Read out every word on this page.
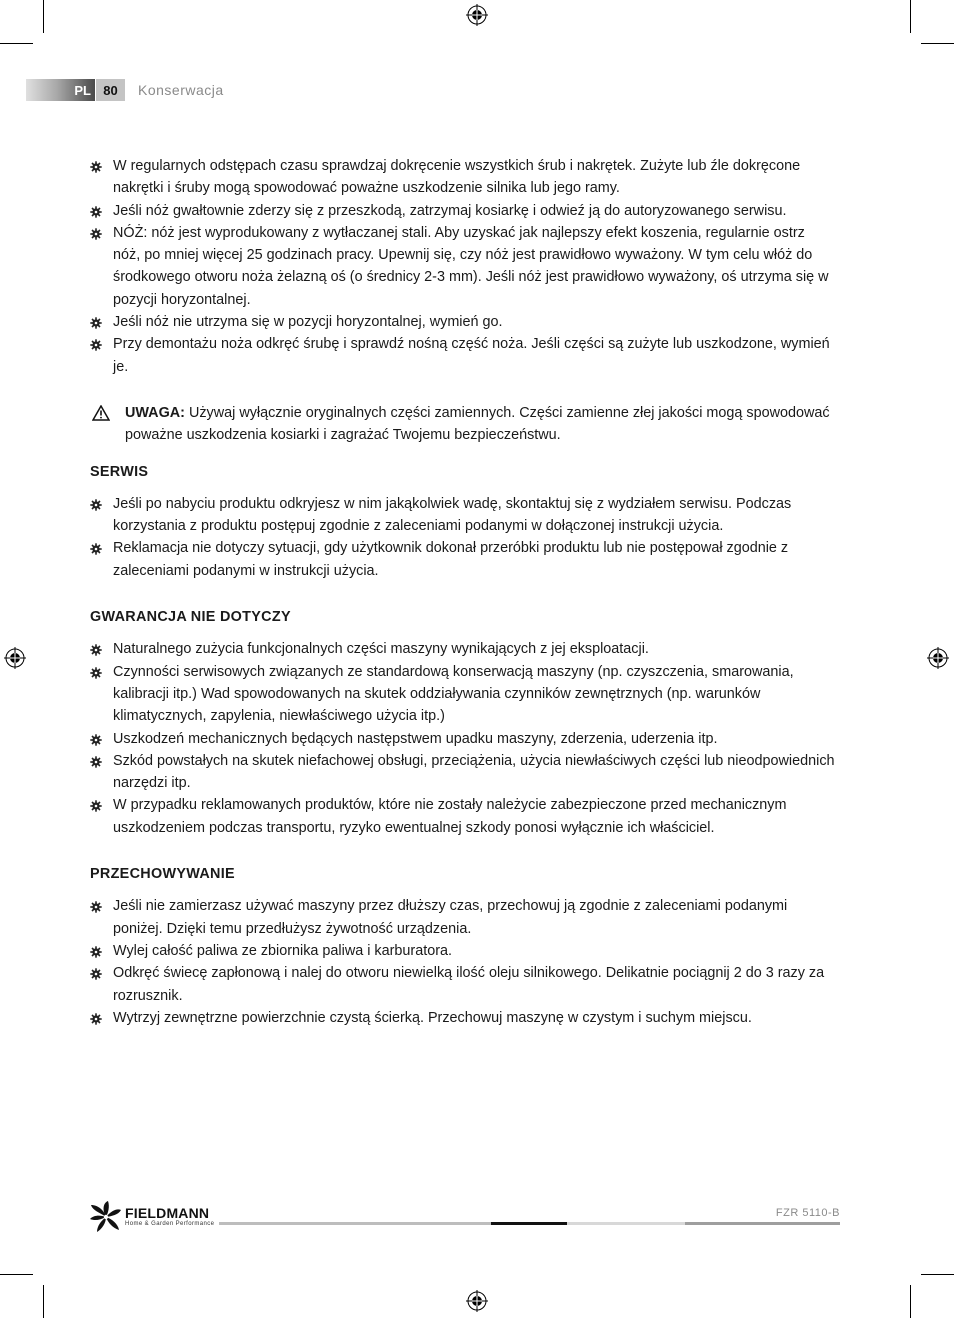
PL 80	Konserwacja
W regularnych odstępach czasu sprawdzaj dokręcenie wszystkich śrub i nakrętek. Zużyte lub źle dokręcone nakrętki i śruby mogą spowodować poważne uszkodzenie silnika lub jego ramy.
Jeśli nóż gwałtownie zderzy się z przeszkodą, zatrzymaj kosiarkę i odwieź ją do autoryzowanego serwisu.
NÓŻ: nóż jest wyprodukowany z wytłaczanej stali. Aby uzyskać jak najlepszy efekt koszenia, regularnie ostrz nóż, po mniej więcej 25 godzinach pracy. Upewnij się, czy nóż jest prawidłowo wyważony. W tym celu włóż do środkowego otworu noża żelazną oś (o średnicy 2-3 mm). Jeśli nóż jest prawidłowo wyważony, oś utrzyma się w pozycji horyzontalnej.
Jeśli nóż nie utrzyma się w pozycji horyzontalnej, wymień go.
Przy demontażu noża odkręć śrubę i sprawdź nośną część noża. Jeśli części są zużyte lub uszkodzone, wymień je.
UWAGA: Używaj wyłącznie oryginalnych części zamiennych. Części zamienne złej jakości mogą spowodować poważne uszkodzenia kosiarki i zagrażać Twojemu bezpieczeństwu.
SERWIS
Jeśli po nabyciu produktu odkryjesz w nim jakąkolwiek wadę, skontaktuj się z wydziałem serwisu. Podczas korzystania z produktu postępuj zgodnie z zaleceniami podanymi w dołączonej instrukcji użycia.
Reklamacja nie dotyczy sytuacji, gdy użytkownik dokonał przeróbki produktu lub nie postępował zgodnie z zaleceniami podanymi w instrukcji użycia.
GWARANCJA NIE DOTYCZY
Naturalnego zużycia funkcjonalnych części maszyny wynikających z jej eksploatacji.
Czynności serwisowych związanych ze standardową konserwacją maszyny (np. czyszczenia, smarowania, kalibracji itp.) Wad spowodowanych na skutek oddziaływania czynników zewnętrznych (np. warunków klimatycznych, zapylenia, niewłaściwego użycia itp.)
Uszkodzeń mechanicznych będących następstwem upadku maszyny, zderzenia, uderzenia itp.
Szkód powstałych na skutek niefachowej obsługi, przeciążenia, użycia niewłaściwych części lub nieodpowiednich narzędzi itp.
W przypadku reklamowanych produktów, które nie zostały należycie zabezpieczone przed mechanicznym uszkodzeniem podczas transportu, ryzyko ewentualnej szkody ponosi wyłącznie ich właściciel.
PRZECHOWYWANIE
Jeśli nie zamierzasz używać maszyny przez dłuższy czas, przechowuj ją zgodnie z zaleceniami podanymi poniżej. Dzięki temu przedłużysz żywotność urządzenia.
Wylej całość paliwa ze zbiornika paliwa i karburatora.
Odkręć świecę zapłonową i nalej do otworu niewielką ilość oleju silnikowego. Delikatnie pociągnij 2 do 3 razy za rozrusznik.
Wytrzyj zewnętrzne powierzchnie czystą ścierką. Przechowuj maszynę w czystym i suchym miejscu.
FIELDMANN
Home & Garden Performance
FZR 5110-B
